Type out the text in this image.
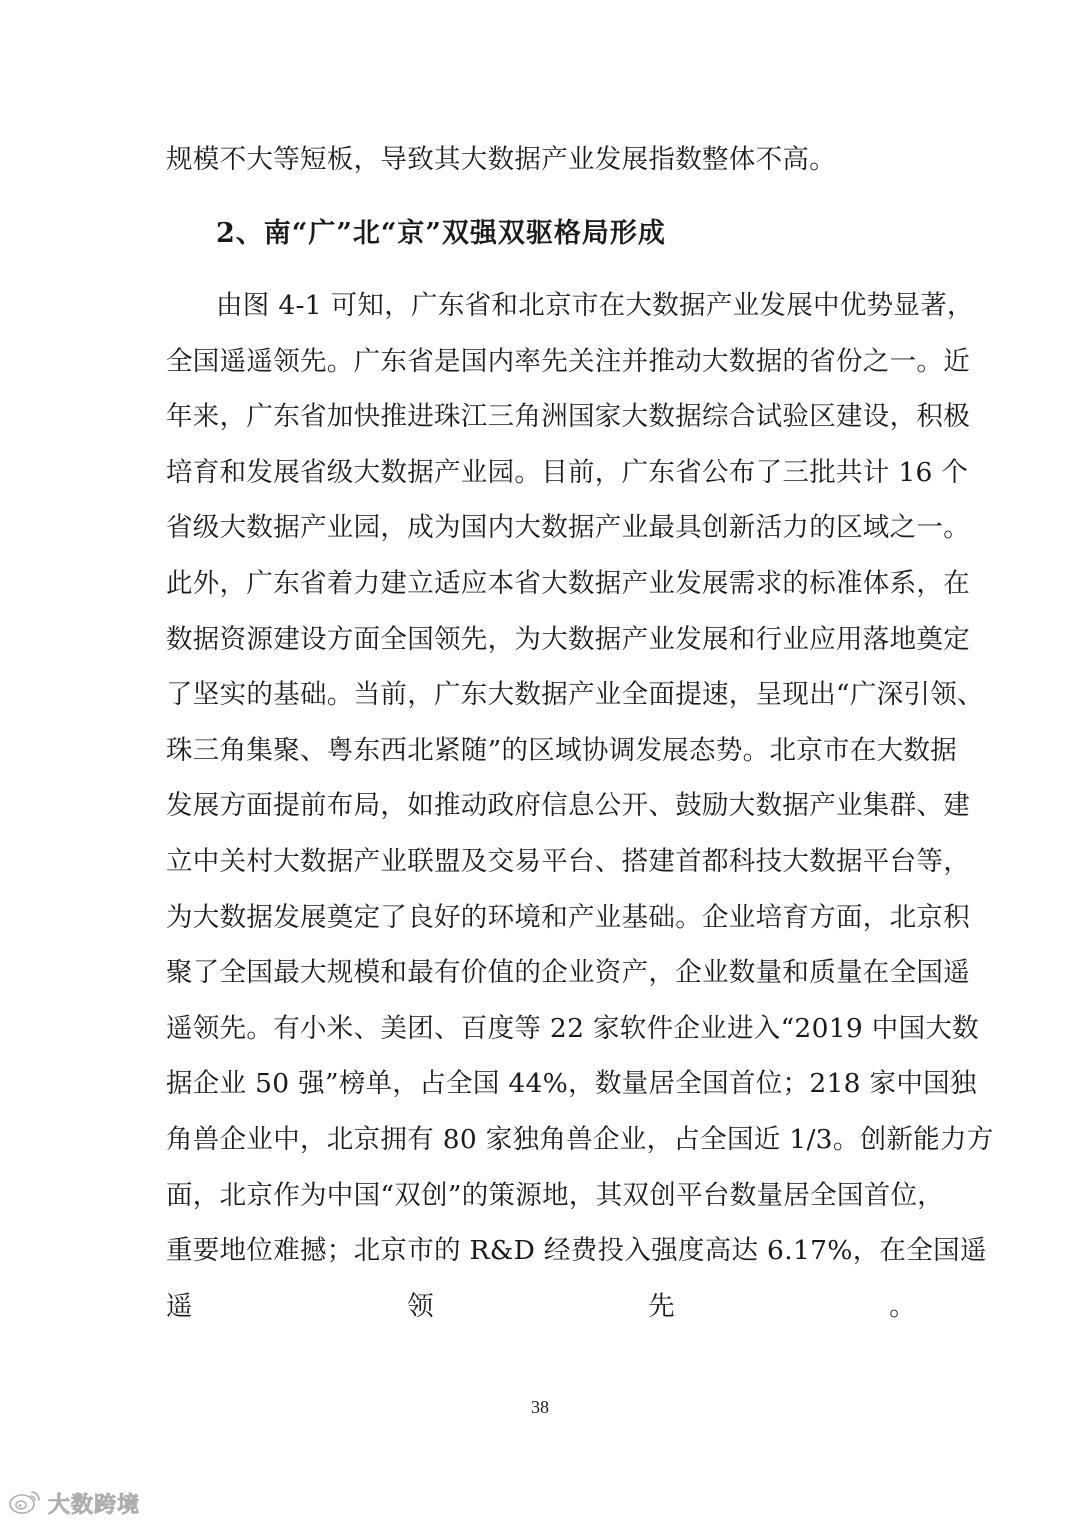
规模不大等短板，导致其大数据产业发展指数整体不高。
2、南“广”北“京”双强双驱格局形成
由图 4-1 可知，广东省和北京市在大数据产业发展中优势显著，
全国遥遥领先。广东省是国内率先关注并推动大数据的省份之一。近
年来，广东省加快推进珠江三角洲国家大数据综合试验区建设，积极
培育和发展省级大数据产业园。目前，广东省公布了三批共计 16 个
省级大数据产业园，成为国内大数据产业最具创新活力的区域之一。
此外，广东省着力建立适应本省大数据产业发展需求的标准体系，在
数据资源建设方面全国领先，为大数据产业发展和行业应用落地奠定
了坚实的基础。当前，广东大数据产业全面提速，呈现出“广深引领、
珠三角集聚、粤东西北紧随”的区域协调发展态势。北京市在大数据
发展方面提前布局，如推动政府信息公开、鼓励大数据产业集群、建
立中关村大数据产业联盟及交易平台、搭建首都科技大数据平台等，
为大数据发展奠定了良好的环境和产业基础。企业培育方面，北京积
聚了全国最大规模和最有价值的企业资产，企业数量和质量在全国遥
遥领先。有小米、美团、百度等 22 家软件企业进入“2019 中国大数
据企业 50 强”榜单，占全国 44%，数量居全国首位；218 家中国独
角兽企业中，北京拥有 80 家独角兽企业，占全国近 1/3。创新能力方
面，北京作为中国“双创”的策源地，其双创平台数量居全国首位，
重要地位难撼；北京市的 R&D 经费投入强度高达 6.17%，在全国遥
遥领先。
38
大数跨境
